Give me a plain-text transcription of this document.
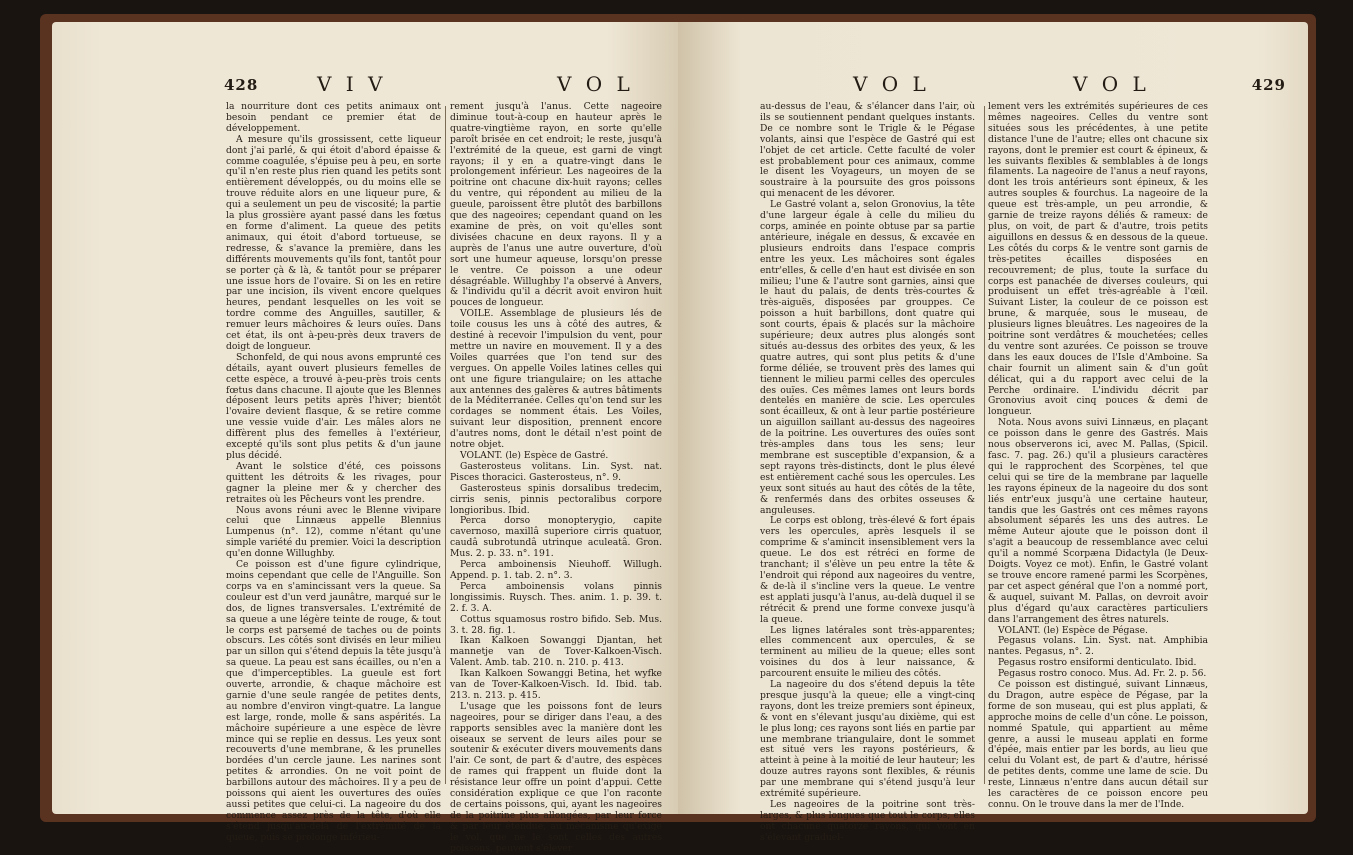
428	V I V	V O L

la nourriture dont ces petits animaux ont besoin pendant ce premier état de développement.

A mesure qu'ils grossissent, cette liqueur dont j'ai parlé, & qui étoit d'abord épaisse & comme coagulée, s'épuise peu à peu, en sorte qu'il n'en reste plus rien quand les petits sont entièrement développés, ou du moins elle se trouve réduite alors en une liqueur pure, & qui a seulement un peu de viscosité; la partie la plus grossière ayant passé dans les fœtus en forme d'aliment. La queue des petits animaux, qui étoit d'abord tortueuse, se redresse, & s'avance la première, dans les différents mouvements qu'ils font, tantôt pour se porter çà & là, & tantôt pour se préparer une issue hors de l'ovaire. Si on les en retire par une incision, ils vivent encore quelques heures, pendant lesquelles on les voit se tordre comme des Anguilles, sautiller, & remuer leurs mâchoires & leurs ouïes. Dans cet état, ils ont à-peu-près deux travers de doigt de longueur.

Schonfeld, de qui nous avons emprunté ces détails, ayant ouvert plusieurs femelles de cette espèce, a trouvé à-peu-près trois cents fœtus dans chacune. Il ajoute que les Blennes déposent leurs petits après l'hiver; bientôt l'ovaire devient flasque, & se retire comme une vessie vuide d'air. Les mâles alors ne diffèrent plus des femelles à l'extérieur, excepté qu'ils sont plus petits & d'un jaune plus décidé.

Avant le solstice d'été, ces poissons quittent les détroits & les rivages, pour gagner la pleine mer & y chercher des retraites où les Pêcheurs vont les prendre.

Nous avons réuni avec le Blenne vivipare celui que Linnæus appelle Blennius Lumpenus (n°. 12), comme n'étant qu'une simple variété du premier. Voici la description qu'en donne Willughby.

Ce poisson est d'une figure cylindrique, moins cependant que celle de l'Anguille. Son corps va en s'amincissant vers la queue. Sa couleur est d'un verd jaunâtre, marqué sur le dos, de lignes transversales. L'extrémité de sa queue a une légère teinte de rouge, & tout le corps est parsemé de taches ou de points obscurs. Les côtés sont divisés en leur milieu par un sillon qui s'étend depuis la tête jusqu'à sa queue. La peau est sans écailles, ou n'en a que d'imperceptibles. La gueule est fort ouverte, arrondie, & chaque mâchoire est garnie d'une seule rangée de petites dents, au nombre d'environ vingt-quatre. La langue est large, ronde, molle & sans aspérités. La mâchoire supérieure a une espèce de lèvre mince qui se replie en dessus. Les yeux sont recouverts d'une membrane, & les prunelles bordées d'un cercle jaune. Les narines sont petites & arrondies. On ne voit point de barbillons autour des mâchoires. Il y a peu de poissons qui aient les ouvertures des ouïes aussi petites que celui-ci. La nageoire du dos commence assez près de la tête, d'où elle s'étend jusqu'au-delà de l'extrémité de la queue, puis se prolonge inférieu-

rement jusqu'à l'anus. Cette nageoire diminue tout-à-coup en hauteur après le quatre-vingtième rayon, en sorte qu'elle paroît brisée en cet endroit; le reste, jusqu'à l'extrémité de la queue, est garni de vingt rayons; il y en a quatre-vingt dans le prolongement inférieur. Les nageoires de la poitrine ont chacune dix-huit rayons; celles du ventre, qui répondent au milieu de la gueule, paroissent être plutôt des barbillons que des nageoires; cependant quand on les examine de près, on voit qu'elles sont divisées chacune en deux rayons. Il y a auprès de l'anus une autre ouverture, d'où sort une humeur aqueuse, lorsqu'on presse le ventre. Ce poisson a une odeur désagréable. Willughby l'a observé à Anvers, & l'individu qu'il a décrit avoit environ huit pouces de longueur.

VOILE. Assemblage de plusieurs lés de toile cousus les uns à côté des autres, & destiné à recevoir l'impulsion du vent, pour mettre un navire en mouvement. Il y a des Voiles quarrées que l'on tend sur des vergues. On appelle Voiles latines celles qui ont une figure triangulaire; on les attache aux antennes des galères & autres bâtiments de la Méditerranée. Celles qu'on tend sur les cordages se nomment étais. Les Voiles, suivant leur disposition, prennent encore d'autres noms, dont le détail n'est point de notre objet.

VOLANT. (le) Espèce de Gastré.

Gasterosteus volitans. Lin. Syst. nat. Pisces thoracici. Gasterosteus, n°. 9.

Gasterosteus spinis dorsalibus tredecim, cirris senis, pinnis pectoralibus corpore longioribus. Ibid.

Perca dorso monopterygio, capite cavernoso, maxillâ superiore cirris quatuor, caudâ subrotundâ utrinque aculeatâ. Gron. Mus. 2. p. 33. n°. 191.

Perca amboinensis Nieuhoff. Willugh. Append. p. 1. tab. 2. n°. 3.

Perca amboinensis volans pinnis longissimis. Ruysch. Thes. anim. 1. p. 39. t. 2. f. 3. A.

Cottus squamosus rostro bifido. Seb. Mus. 3. t. 28. fig. 1.

Ikan Kalkoen Sowanggi Djantan, het mannetje van de Tover-Kalkoen-Visch. Valent. Amb. tab. 210. n. 210. p. 413.

Ikan Kalkoen Sowanggi Betina, het wyfke van de Tover-Kalkoen-Visch. Id. Ibid. tab. 213. n. 213. p. 415.

L'usage que les poissons font de leurs nageoires, pour se diriger dans l'eau, a des rapports sensibles avec la manière dont les oiseaux se servent de leurs ailes pour se soutenir & exécuter divers mouvements dans l'air. Ce sont, de part & d'autre, des espèces de rames qui frappent un fluide dont la résistance leur offre un point d'appui. Cette considération explique ce que l'on raconte de certains poissons, qui, ayant les nageoires de la poitrine plus allongées, par leur force & par leur étendue, au mécanisme qu'exige le vol, que ne le sont celles des autres poissons, peuvent s'élever

V O L	V O L	429

au-dessus de l'eau, & s'élancer dans l'air, où ils se soutiennent pendant quelques instants. De ce nombre sont le Trigle & le Pégase volants, ainsi que l'espèce de Gastré qui est l'objet de cet article. Cette faculté de voler est probablement pour ces animaux, comme le disent les Voyageurs, un moyen de se soustraire à la poursuite des gros poissons qui menacent de les dévorer.

Le Gastré volant a, selon Gronovius, la tête d'une largeur égale à celle du milieu du corps, aminée en pointe obtuse par sa partie antérieure, inégale en dessus, & excavée en plusieurs endroits dans l'espace compris entre les yeux. Les mâchoires sont égales entr'elles, & celle d'en haut est divisée en son milieu; l'une & l'autre sont garnies, ainsi que le haut du palais, de dents très-courtes & très-aiguës, disposées par grouppes. Ce poisson a huit barbillons, dont quatre qui sont courts, épais & placés sur la mâchoire supérieure; deux autres plus alongés sont situés au-dessus des orbites des yeux, & les quatre autres, qui sont plus petits & d'une forme déliée, se trouvent près des lames qui tiennent le milieu parmi celles des opercules des ouïes. Ces mêmes lames ont leurs bords dentelés en manière de scie. Les opercules sont écailleux, & ont à leur partie postérieure un aiguillon saillant au-dessus des nageoires de la poitrine. Les ouvertures des ouïes sont très-amples dans tous les sens; leur membrane est susceptible d'expansion, & a sept rayons très-distincts, dont le plus élevé est entièrement caché sous les opercules. Les yeux sont situés au haut des côtés de la tête, & renfermés dans des orbites osseuses & anguleuses.

Le corps est oblong, très-élevé & fort épais vers les opercules, après lesquels il se comprime & s'amincit insensiblement vers la queue. Le dos est rétréci en forme de tranchant; il s'élève un peu entre la tête & l'endroit qui répond aux nageoires du ventre, & de-là il s'incline vers la queue. Le ventre est applati jusqu'à l'anus, au-delà duquel il se rétrécit & prend une forme convexe jusqu'à la queue.

Les lignes latérales sont très-apparentes; elles commencent aux opercules, & se terminent au milieu de la queue; elles sont voisines du dos à leur naissance, & parcourent ensuite le milieu des côtés.

La nageoire du dos s'étend depuis la tête presque jusqu'à la queue; elle a vingt-cinq rayons, dont les treize premiers sont épineux, & vont en s'élevant jusqu'au dixième, qui est le plus long; ces rayons sont liés en partie par une membrane triangulaire, dont le sommet est situé vers les rayons postérieurs, & atteint à peine à la moitié de leur hauteur; les douze autres rayons sont flexibles, & réunis par une membrane qui s'étend jusqu'à leur extrémité supérieure.

Les nageoires de la poitrine sont très-larges, & plus longues que tout le corps; elles ont chacune quatorze rayons, qui vont en s'élevant graduel-

lement vers les extrémités supérieures de ces mêmes nageoires. Celles du ventre sont situées sous les précédentes, à une petite distance l'une de l'autre; elles ont chacune six rayons, dont le premier est court & épineux, & les suivants flexibles & semblables à de longs filaments. La nageoire de l'anus a neuf rayons, dont les trois antérieurs sont épineux, & les autres souples & fourchus. La nageoire de la queue est très-ample, un peu arrondie, & garnie de treize rayons déliés & rameux: de plus, on voit, de part & d'autre, trois petits aiguillons en dessus & en dessous de la queue. Les côtés du corps & le ventre sont garnis de très-petites écailles disposées en recouvrement; de plus, toute la surface du corps est panachée de diverses couleurs, qui produisent un effet très-agréable à l'œil. Suivant Lister, la couleur de ce poisson est brune, & marquée, sous le museau, de plusieurs lignes bleuâtres. Les nageoires de la poitrine sont verdâtres & mouchetées; celles du ventre sont azurées. Ce poisson se trouve dans les eaux douces de l'Isle d'Amboine. Sa chair fournit un aliment sain & d'un goût délicat, qui a du rapport avec celui de la Perche ordinaire. L'individu décrit par Gronovius avoit cinq pouces & demi de longueur.

Nota. Nous avons suivi Linnæus, en plaçant ce poisson dans le genre des Gastrés. Mais nous observerons ici, avec M. Pallas, (Spicil. fasc. 7. pag. 26.) qu'il a plusieurs caractères qui le rapprochent des Scorpènes, tel que celui qui se tire de la membrane par laquelle les rayons épineux de la nageoire du dos sont liés entr'eux jusqu'à une certaine hauteur, tandis que les Gastrés ont ces mêmes rayons absolument séparés les uns des autres. Le même Auteur ajoute que le poisson dont il s'agit a beaucoup de ressemblance avec celui qu'il a nommé Scorpæna Didactyla (le Deux-Doigts. Voyez ce mot). Enfin, le Gastré volant se trouve encore ramené parmi les Scorpènes, par cet aspect général que l'on a nommé port, & auquel, suivant M. Pallas, on devroit avoir plus d'égard qu'aux caractères particuliers dans l'arrangement des êtres naturels.

VOLANT. (le) Espèce de Pégase.

Pegasus volans. Lin. Syst. nat. Amphibia nantes. Pegasus, n°. 2.

Pegasus rostro ensiformi denticulato. Ibid.

Pegasus rostro conoco. Mus. Ad. Fr. 2. p. 56.

Ce poisson est distingué, suivant Linnæus, du Dragon, autre espèce de Pégase, par la forme de son museau, qui est plus applati, & approche moins de celle d'un cône. Le poisson, nommé Spatule, qui appartient au même genre, a aussi le museau applati en forme d'épée, mais entier par les bords, au lieu que celui du Volant est, de part & d'autre, hérissé de petites dents, comme une lame de scie. Du reste, Linnæus n'entre dans aucun détail sur les caractères de ce poisson encore peu connu. On le trouve dans la mer de l'Inde.
